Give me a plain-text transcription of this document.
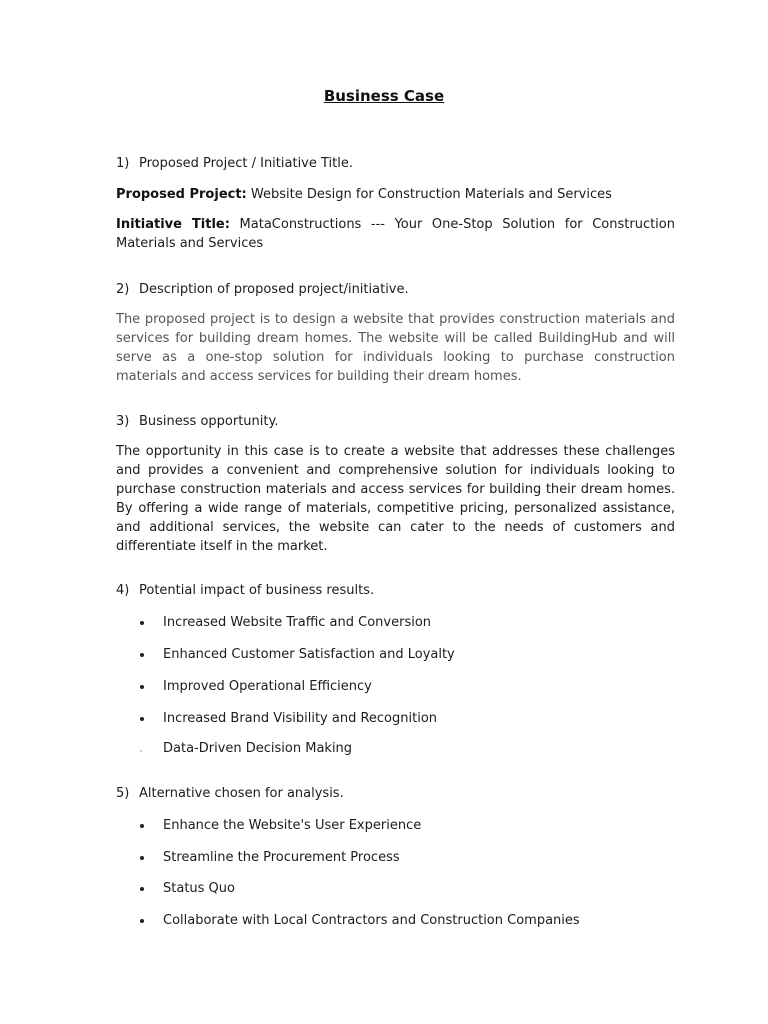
Business Case
1) Proposed Project / Initiative Title.
Proposed Project: Website Design for Construction Materials and Services
Initiative Title: MataConstructions --- Your One-Stop Solution for Construction Materials and Services
2) Description of proposed project/initiative.
The proposed project is to design a website that provides construction materials and services for building dream homes. The website will be called BuildingHub and will serve as a one-stop solution for individuals looking to purchase construction materials and access services for building their dream homes.
3) Business opportunity.
The opportunity in this case is to create a website that addresses these challenges and provides a convenient and comprehensive solution for individuals looking to purchase construction materials and access services for building their dream homes. By offering a wide range of materials, competitive pricing, personalized assistance, and additional services, the website can cater to the needs of customers and differentiate itself in the market.
4) Potential impact of business results.
Increased Website Traffic and Conversion
Enhanced Customer Satisfaction and Loyalty
Improved Operational Efficiency
Increased Brand Visibility and Recognition
Data-Driven Decision Making
5) Alternative chosen for analysis.
Enhance the Website's User Experience
Streamline the Procurement Process
Status Quo
Collaborate with Local Contractors and Construction Companies
